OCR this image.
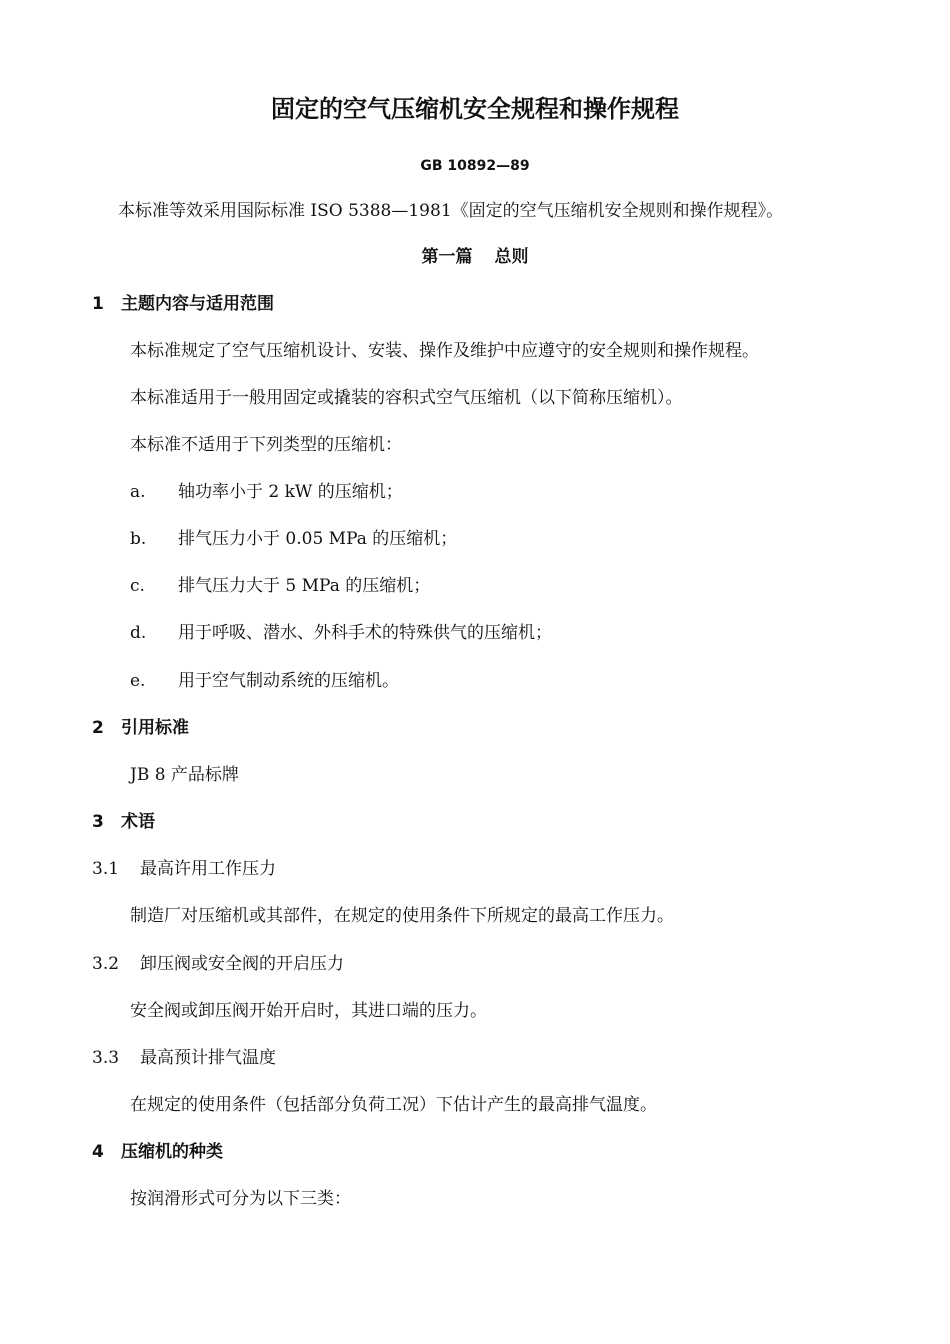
固定的空气压缩机安全规程和操作规程
GB 10892—89
本标准等效采用国际标准 ISO 5388—1981《固定的空气压缩机安全规则和操作规程》。
第一篇 总则
1 主题内容与适用范围
本标准规定了空气压缩机设计、安装、操作及维护中应遵守的安全规则和操作规程。
本标准适用于一般用固定或撬装的容积式空气压缩机（以下简称压缩机）。
本标准不适用于下列类型的压缩机：
a. 轴功率小于 2 kW 的压缩机；
b. 排气压力小于 0.05 MPa 的压缩机；
c. 排气压力大于 5 MPa 的压缩机；
d. 用于呼吸、潜水、外科手术的特殊供气的压缩机；
e. 用于空气制动系统的压缩机。
2 引用标准
JB 8 产品标牌
3 术语
3.1 最高许用工作压力
制造厂对压缩机或其部件，在规定的使用条件下所规定的最高工作压力。
3.2 卸压阀或安全阀的开启压力
安全阀或卸压阀开始开启时，其进口端的压力。
3.3 最高预计排气温度
在规定的使用条件（包括部分负荷工况）下估计产生的最高排气温度。
4 压缩机的种类
按润滑形式可分为以下三类：
